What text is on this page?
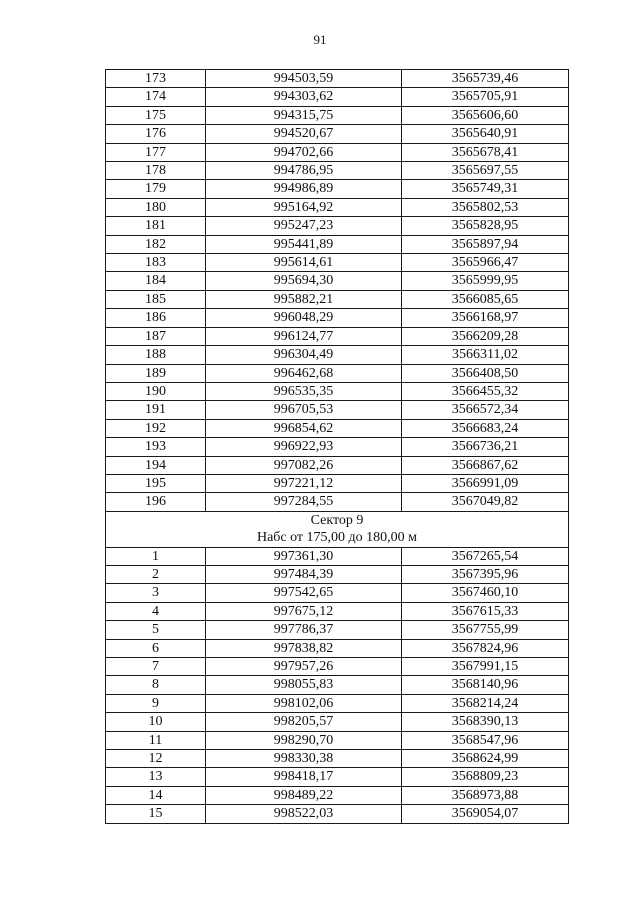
91
173	994503,59	3565739,46
174	994303,62	3565705,91
175	994315,75	3565606,60
176	994520,67	3565640,91
177	994702,66	3565678,41
178	994786,95	3565697,55
179	994986,89	3565749,31
180	995164,92	3565802,53
181	995247,23	3565828,95
182	995441,89	3565897,94
183	995614,61	3565966,47
184	995694,30	3565999,95
185	995882,21	3566085,65
186	996048,29	3566168,97
187	996124,77	3566209,28
188	996304,49	3566311,02
189	996462,68	3566408,50
190	996535,35	3566455,32
191	996705,53	3566572,34
192	996854,62	3566683,24
193	996922,93	3566736,21
194	997082,26	3566867,62
195	997221,12	3566991,09
196	997284,55	3567049,82

Сектор 9
Набс от 175,00 до 180,00 м		

1	997361,30	3567265,54
2	997484,39	3567395,96
3	997542,65	3567460,10
4	997675,12	3567615,33
5	997786,37	3567755,99
6	997838,82	3567824,96
7	997957,26	3567991,15
8	998055,83	3568140,96
9	998102,06	3568214,24
10	998205,57	3568390,13
11	998290,70	3568547,96
12	998330,38	3568624,99
13	998418,17	3568809,23
14	998489,22	3568973,88
15	998522,03	3569054,07
